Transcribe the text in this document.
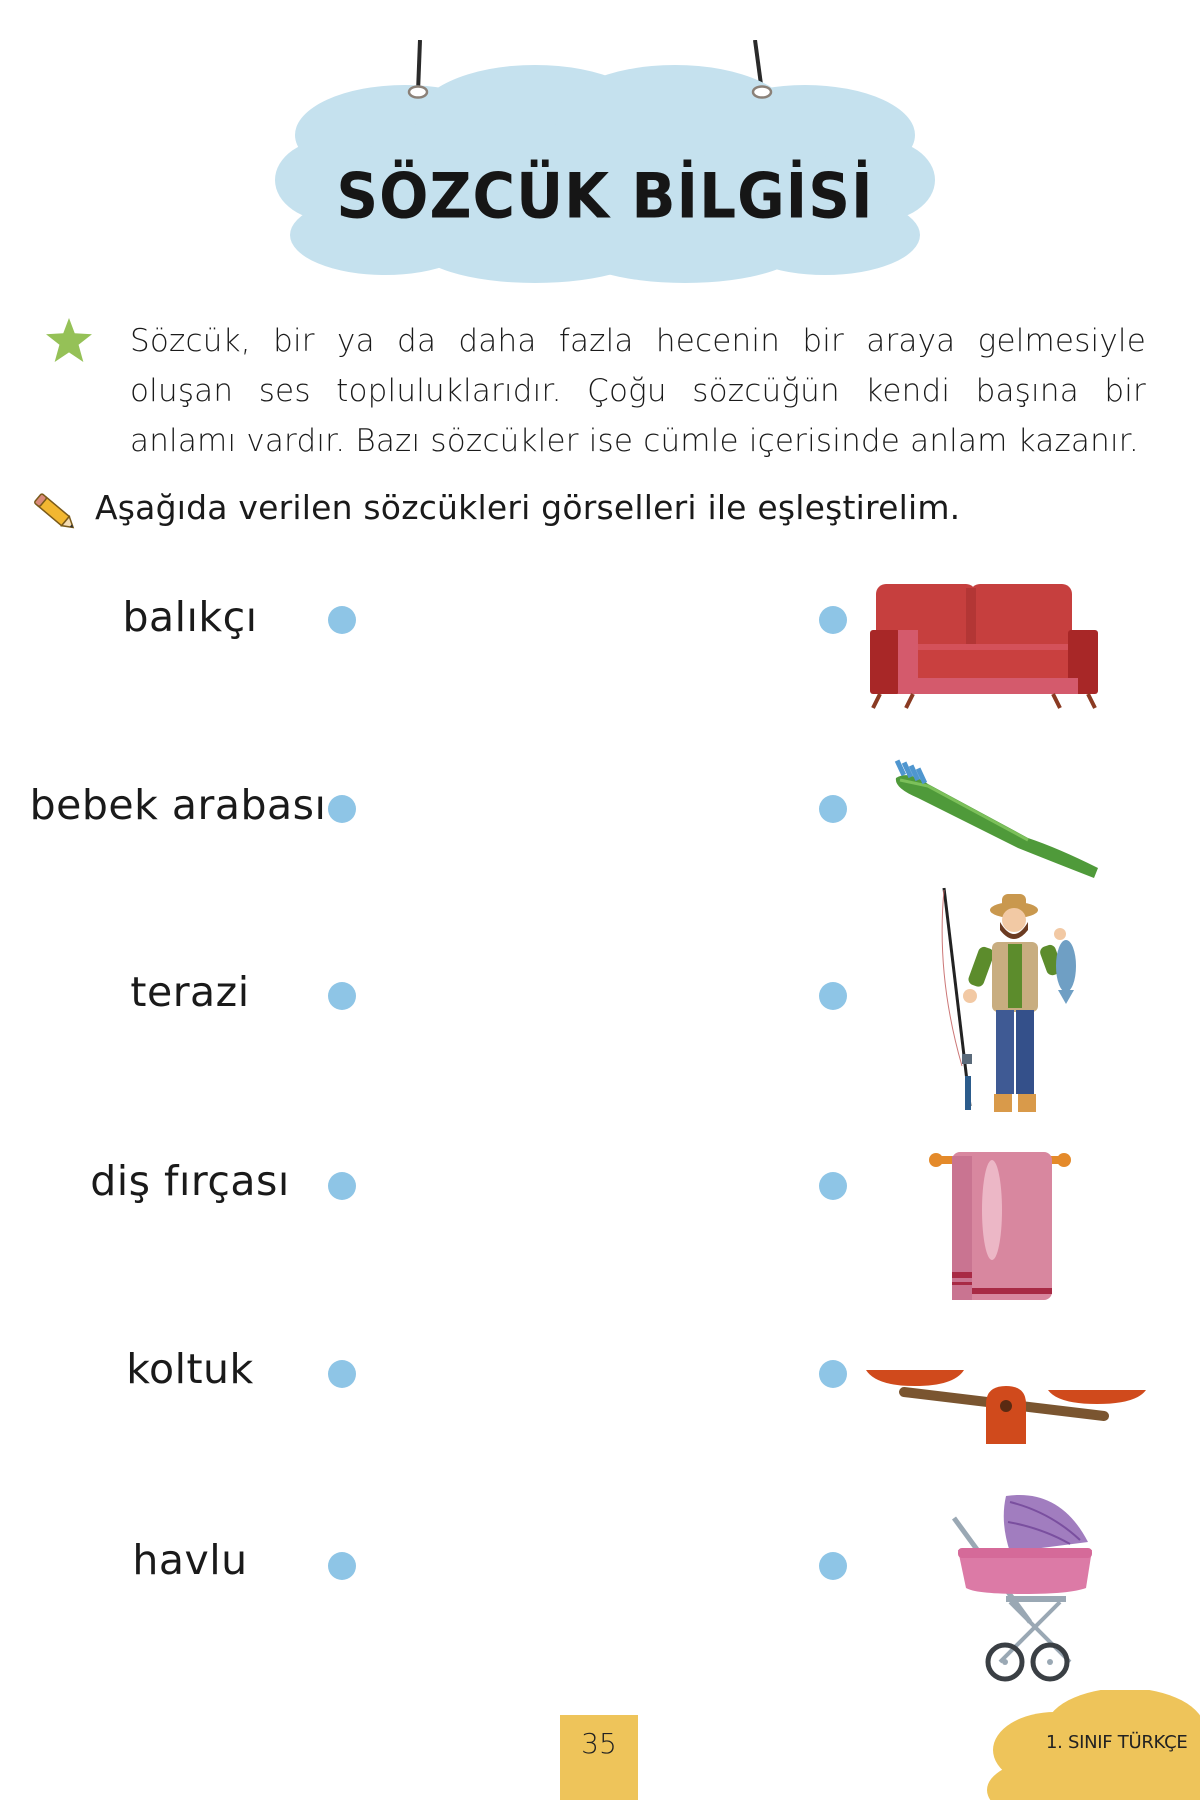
SÖZCÜK BİLGİSİ
Sözcük, bir ya da daha fazla hecenin bir araya gelmesiyle oluşan ses topluluklarıdır. Çoğu sözcüğün kendi başına bir anlamı vardır. Bazı sözcükler ise cümle içerisinde anlam kazanır.
Aşağıda verilen sözcükleri görselleri ile eşleştirelim.
balıkçı
bebek arabası
terazi
diş fırçası
koltuk
havlu
35	1. SINIF TÜRKÇE
